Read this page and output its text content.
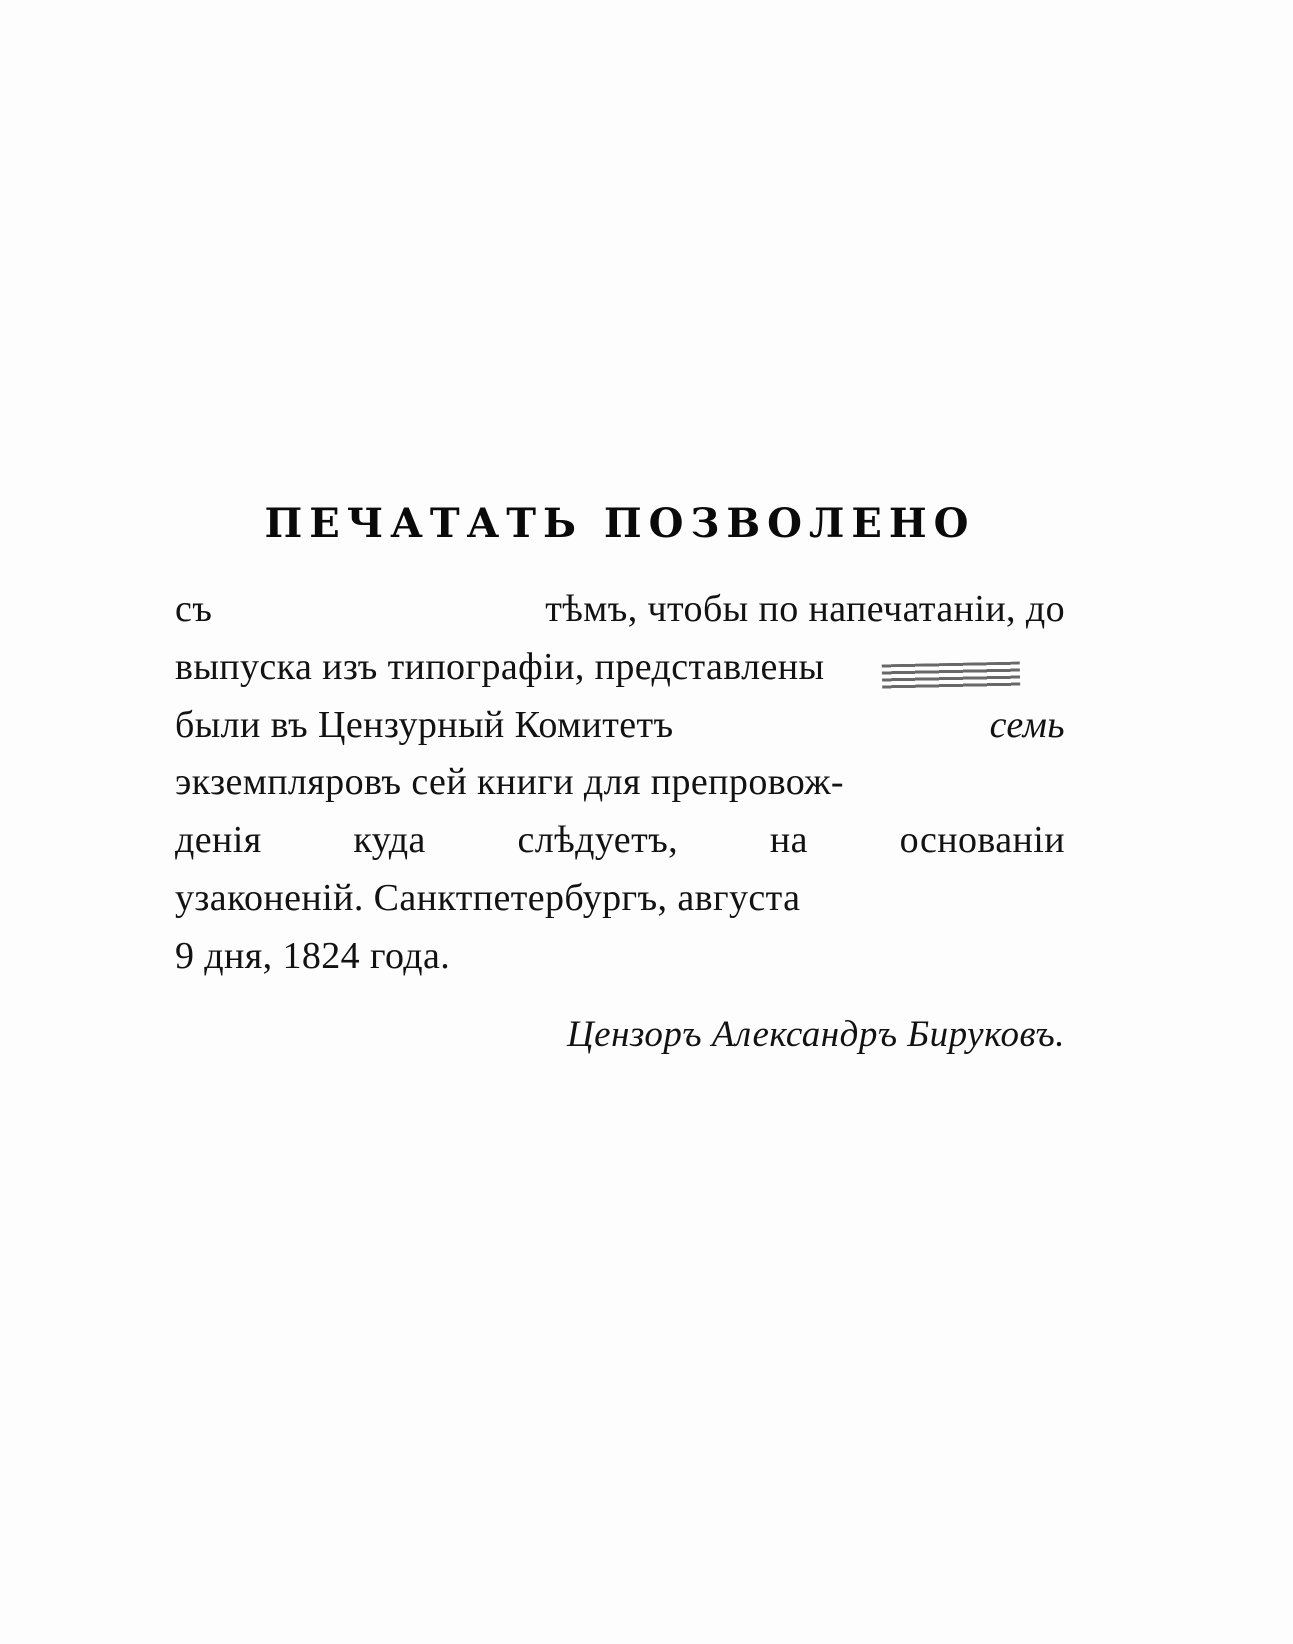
ПЕЧАТАТЬ ПОЗВОЛЕНО
съ	тѣмъ, чтобы по напечатаніи, до
выпуска изъ типографіи, представлены
были въ Цензурный Комитетъ	семь
экземпляровъ сей книги для препровож-
денія куда слѣдуетъ, на основаніи
узаконеній. Санктпетербургъ, августа
9 дня, 1824 года.
Цензоръ Александръ Бируковъ.
